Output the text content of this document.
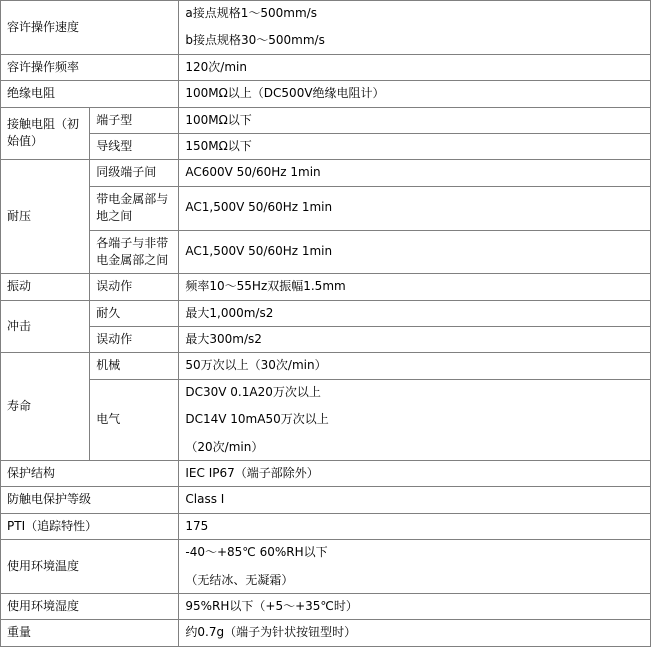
容许操作速度		a接点规格1～500mm/s
b接点规格30～500mm/s

容许操作频率		120次/min

绝缘电阻		100MΩ以上（DC500V绝缘电阻计）

接触电阻（初始值）	端子型	100MΩ以下

	导线型	150MΩ以下

耐压	同级端子间	AC600V 50/60Hz 1min

	带电金属部与地之间	AC1,500V 50/60Hz 1min

	各端子与非带电金属部之间	AC1,500V 50/60Hz 1min

振动	误动作	频率10～55Hz双振幅1.5mm

冲击	耐久	最大1,000m/s2

	误动作	最大300m/s2

寿命	机械	50万次以上（30次/min）

	电气	DC30V 0.1A20万次以上
DC14V 10mA50万次以上
（20次/min）

保护结构		IEC IP67（端子部除外）

防触电保护等级		Class I

PTI（追踪特性）		175

使用环境温度		-40～+85℃ 60%RH以下
（无结冰、无凝霜）

使用环境湿度		95%RH以下（+5～+35℃时）

重量		约0.7g（端子为针状按钮型时）
